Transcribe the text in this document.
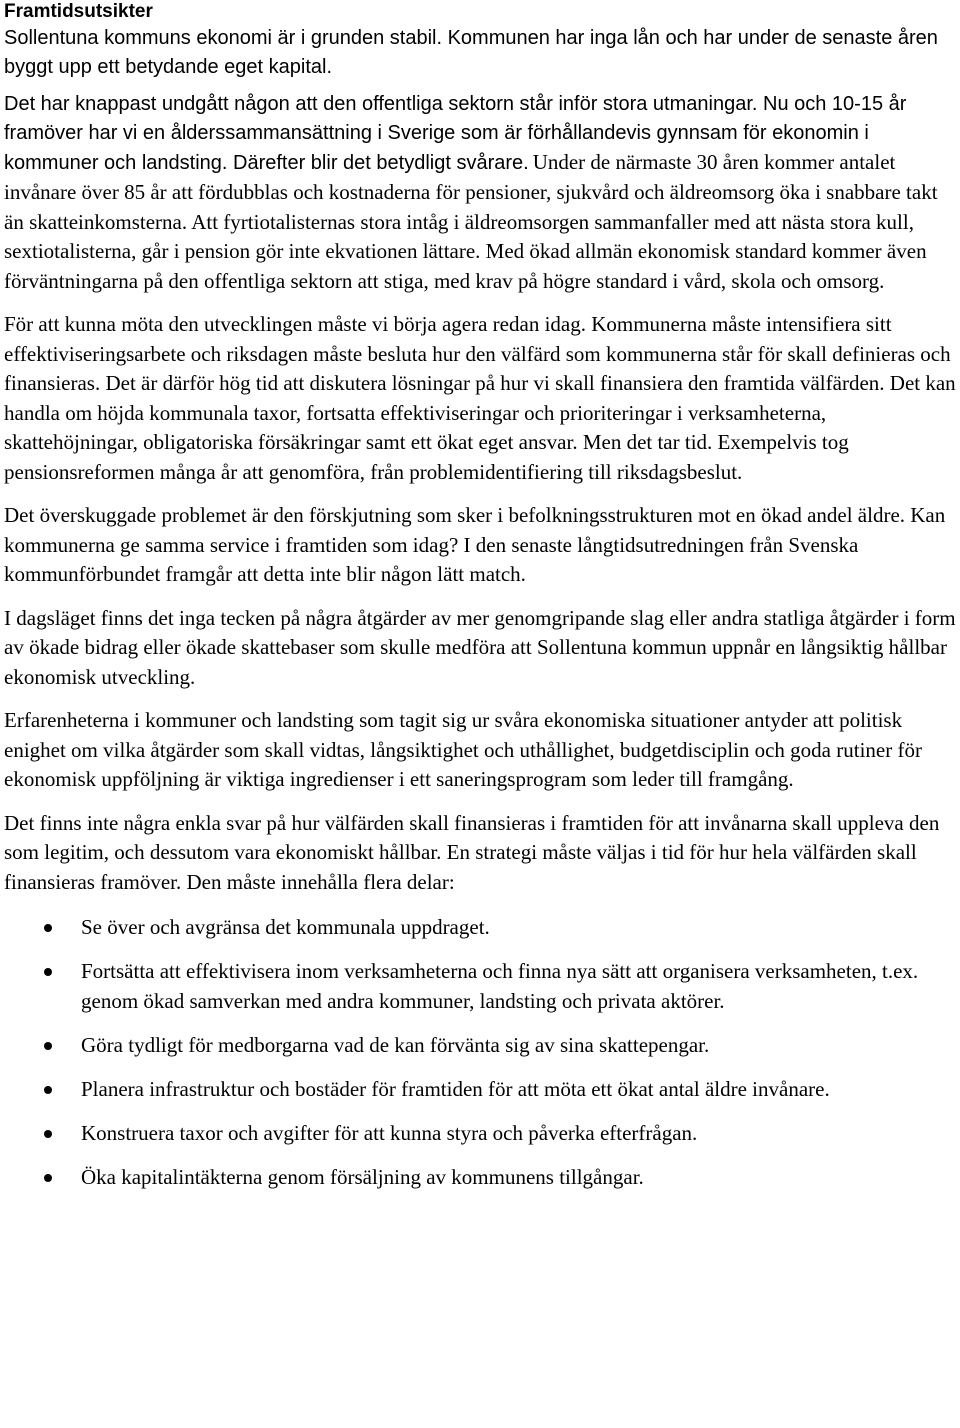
Framtidsutsikter

Sollentuna kommuns ekonomi är i grunden stabil. Kommunen har inga lån och har under de senaste åren byggt upp ett betydande eget kapital.

Det har knappast undgått någon att den offentliga sektorn står inför stora utmaningar. Nu och 10-15 år framöver har vi en ålderssammansättning i Sverige som är förhållandevis gynnsam för ekonomin i kommuner och landsting. Därefter blir det betydligt svårare. Under de närmaste 30 åren kommer antalet invånare över 85 år att fördubblas och kostnaderna för pensioner, sjukvård och äldreomsorg öka i snabbare takt än skatteinkomsterna. Att fyrtiotalisternas stora intåg i äldreomsorgen sammanfaller med att nästa stora kull, sextiotalisterna, går i pension gör inte ekvationen lättare. Med ökad allmän ekonomisk standard kommer även förväntningarna på den offentliga sektorn att stiga, med krav på högre standard i vård, skola och omsorg.

För att kunna möta den utvecklingen måste vi börja agera redan idag. Kommunerna måste intensifiera sitt effektiviseringsarbete och riksdagen måste besluta hur den välfärd som kommunerna står för skall definieras och finansieras. Det är därför hög tid att diskutera lösningar på hur vi skall finansiera den framtida välfärden. Det kan handla om höjda kommunala taxor, fortsatta effektiviseringar och prioriteringar i verksamheterna, skattehöjningar, obligatoriska försäkringar samt ett ökat eget ansvar. Men det tar tid. Exempelvis tog pensionsreformen många år att genomföra, från problemidentifiering till riksdagsbeslut.

Det överskuggade problemet är den förskjutning som sker i befolkningsstrukturen mot en ökad andel äldre. Kan kommunerna ge samma service i framtiden som idag? I den senaste långtidsutredningen från Svenska kommunförbundet framgår att detta inte blir någon lätt match.

I dagsläget finns det inga tecken på några åtgärder av mer genomgripande slag eller andra statliga åtgärder i form av ökade bidrag eller ökade skattebaser som skulle medföra att Sollentuna kommun uppnår en långsiktig hållbar ekonomisk utveckling.

Erfarenheterna i kommuner och landsting som tagit sig ur svåra ekonomiska situationer antyder att politisk enighet om vilka åtgärder som skall vidtas, långsiktighet och uthållighet, budgetdisciplin och goda rutiner för ekonomisk uppföljning är viktiga ingredienser i ett saneringsprogram som leder till framgång.

Det finns inte några enkla svar på hur välfärden skall finansieras i framtiden för att invånarna skall uppleva den som legitim, och dessutom vara ekonomiskt hållbar. En strategi måste väljas i tid för hur hela välfärden skall finansieras framöver. Den måste innehålla flera delar:

Se över och avgränsa det kommunala uppdraget.
Fortsätta att effektivisera inom verksamheterna och finna nya sätt att organisera verksamheten, t.ex. genom ökad samverkan med andra kommuner, landsting och privata aktörer.
Göra tydligt för medborgarna vad de kan förvänta sig av sina skattepengar.
Planera infrastruktur och bostäder för framtiden för att möta ett ökat antal äldre invånare.
Konstruera taxor och avgifter för att kunna styra och påverka efterfrågan.
Öka kapitalintäkterna genom försäljning av kommunens tillgångar.
